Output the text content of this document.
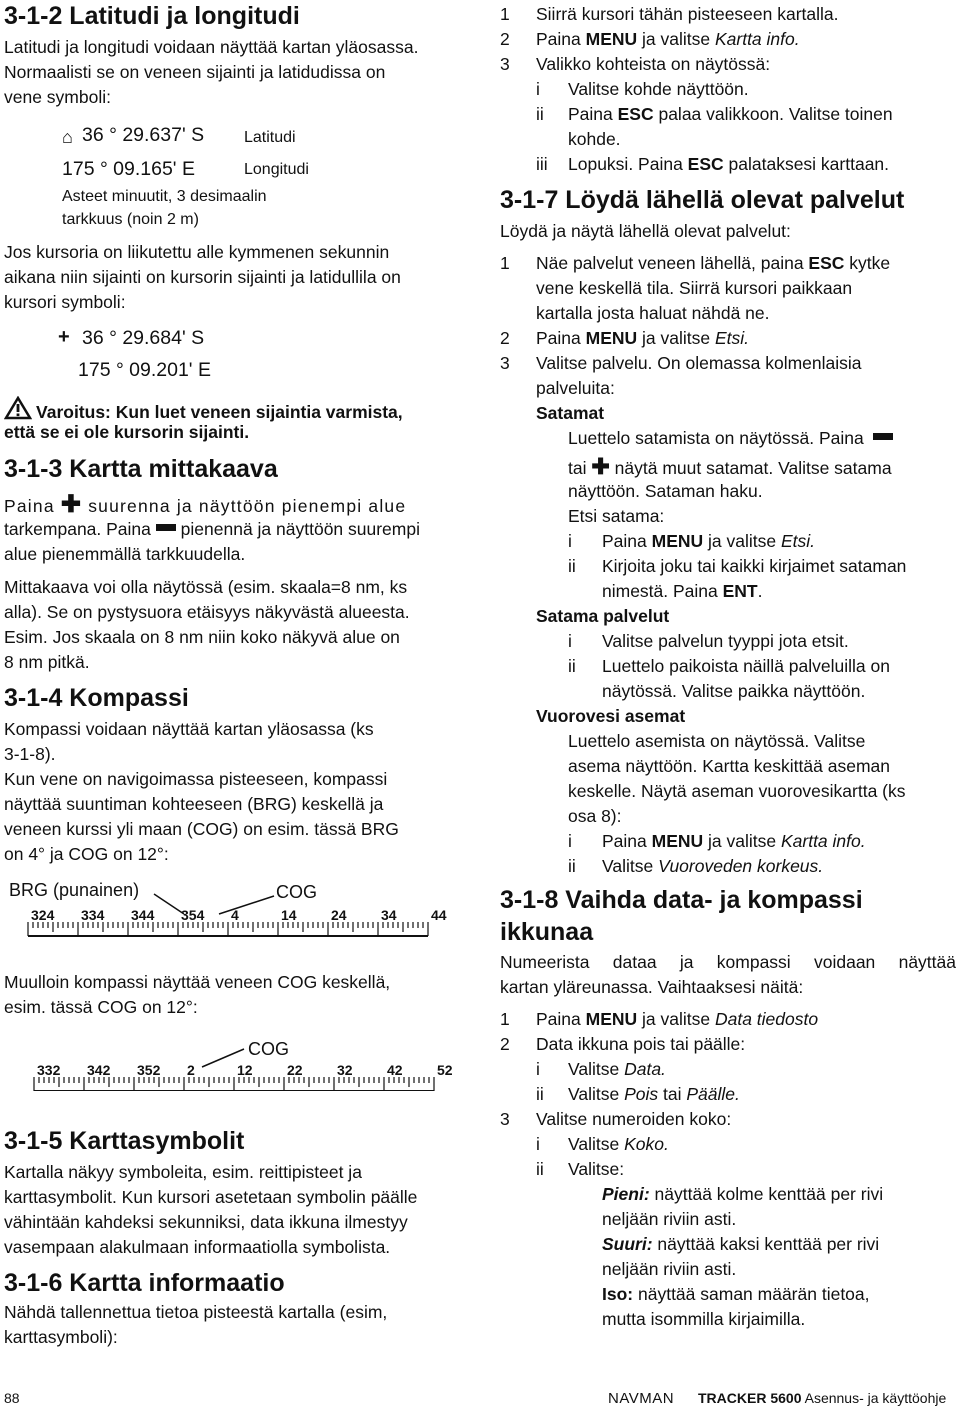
3-1-2 Latitudi ja longitudi
Latitudi ja longitudi voidaan näyttää kartan yläosassa.
Normaalisti se on veneen sijainti ja latidudissa on
vene symboli:
⌂ 36 ° 29.637' S Latitudi
175 ° 09.165' E	Longitudi
Asteet minuutit, 3 desimaalin
tarkkuus (noin 2 m)
Jos kursoria on liikutettu alle kymmenen sekunnin
aikana niin sijainti on kursorin sijainti ja latidullila on
kursori symboli:
+ 36 ° 29.684' S
175 ° 09.201' E
Varoitus: Kun luet veneen sijaintia varmista,
että se ei ole kursorin sijainti.
3-1-3 Kartta mittakaava
Paina ✚ suurenna ja näyttöön pienempi alue
tarkempana. Paina pienennä ja näyttöön suurempi
alue pienemmällä tarkkuudella.
Mittakaava voi olla näytössä (esim. skaala=8 nm, ks
alla). Se on pystysuora etäisyys näkyvästä alueesta.
Esim. Jos skaala on 8 nm niin koko näkyvä alue on
8 nm pitkä.
3-1-4 Kompassi
Kompassi voidaan näyttää kartan yläosassa (ks
3-1-8).
Kun vene on navigoimassa pisteeseen, kompassi
näyttää suuntiman kohteeseen (BRG) keskellä ja
veneen kurssi yli maan (COG) on esim. tässä BRG
on 4° ja COG on 12°:
BRG (punainen)	COG
324 334 344 354 4	14 24 34 44
Muulloin kompassi näyttää veneen COG keskellä,
esim. tässä COG on 12°:
COG
332 342 352 2	12 22 32 42 52
3-1-5 Karttasymbolit
Kartalla näkyy symboleita, esim. reittipisteet ja
karttasymbolit. Kun kursori asetetaan symbolin päälle
vähintään kahdeksi sekunniksi, data ikkuna ilmestyy
vasempaan alakulmaan informaatiolla symbolista.
3-1-6 Kartta informaatio
Nähdä tallennettua tietoa pisteestä kartalla (esim,
karttasymboli):
1 Siirrä kursori tähän pisteeseen kartalla.
2 Paina MENU ja valitse Kartta info.
3 Valikko kohteista on näytössä:
i Valitse kohde näyttöön.
ii Paina ESC palaa valikkoon. Valitse toinen
kohde.
iii Lopuksi. Paina ESC palataksesi karttaan.
3-1-7 Löydä lähellä olevat palvelut
Löydä ja näytä lähellä olevat palvelut:
1 Näe palvelut veneen lähellä, paina ESC kytke
vene keskellä tila. Siirrä kursori paikkaan
kartalla josta haluat nähdä ne.
2 Paina MENU ja valitse Etsi.
3 Valitse palvelu. On olemassa kolmenlaisia
palveluita:
Satamat
Luettelo satamista on näytössä. Paina
tai ✚ näytä muut satamat. Valitse satama
näyttöön. Sataman haku.
Etsi satama:
i Paina MENU ja valitse Etsi.
ii Kirjoita joku tai kaikki kirjaimet sataman
nimestä. Paina ENT.
Satama palvelut
i Valitse palvelun tyyppi jota etsit.
ii Luettelo paikoista näillä palveluilla on
näytössä. Valitse paikka näyttöön.
Vuorovesi asemat
Luettelo asemista on näytössä. Valitse
asema näyttöön. Kartta keskittää aseman
keskelle. Näytä aseman vuorovesikartta (ks
osa 8):
i Paina MENU ja valitse Kartta info.
ii Valitse Vuoroveden korkeus.
3-1-8 Vaihda data- ja kompassi
ikkunaa
Numeerista dataa ja kompassi voidaan näyttää
kartan yläreunassa. Vaihtaaksesi näitä:
1 Paina MENU ja valitse Data tiedosto
2 Data ikkuna pois tai päälle:
i Valitse Data.
ii Valitse Pois tai Päälle.
3 Valitse numeroiden koko:
i Valitse Koko.
ii Valitse:
Pieni: näyttää kolme kenttää per rivi
neljään riviin asti.
Suuri: näyttää kaksi kenttää per rivi
neljään riviin asti.
Iso: näyttää saman määrän tietoa,
mutta isommilla kirjaimilla.
88	NAVMAN TRACKER 5600 Asennus- ja käyttöohje
